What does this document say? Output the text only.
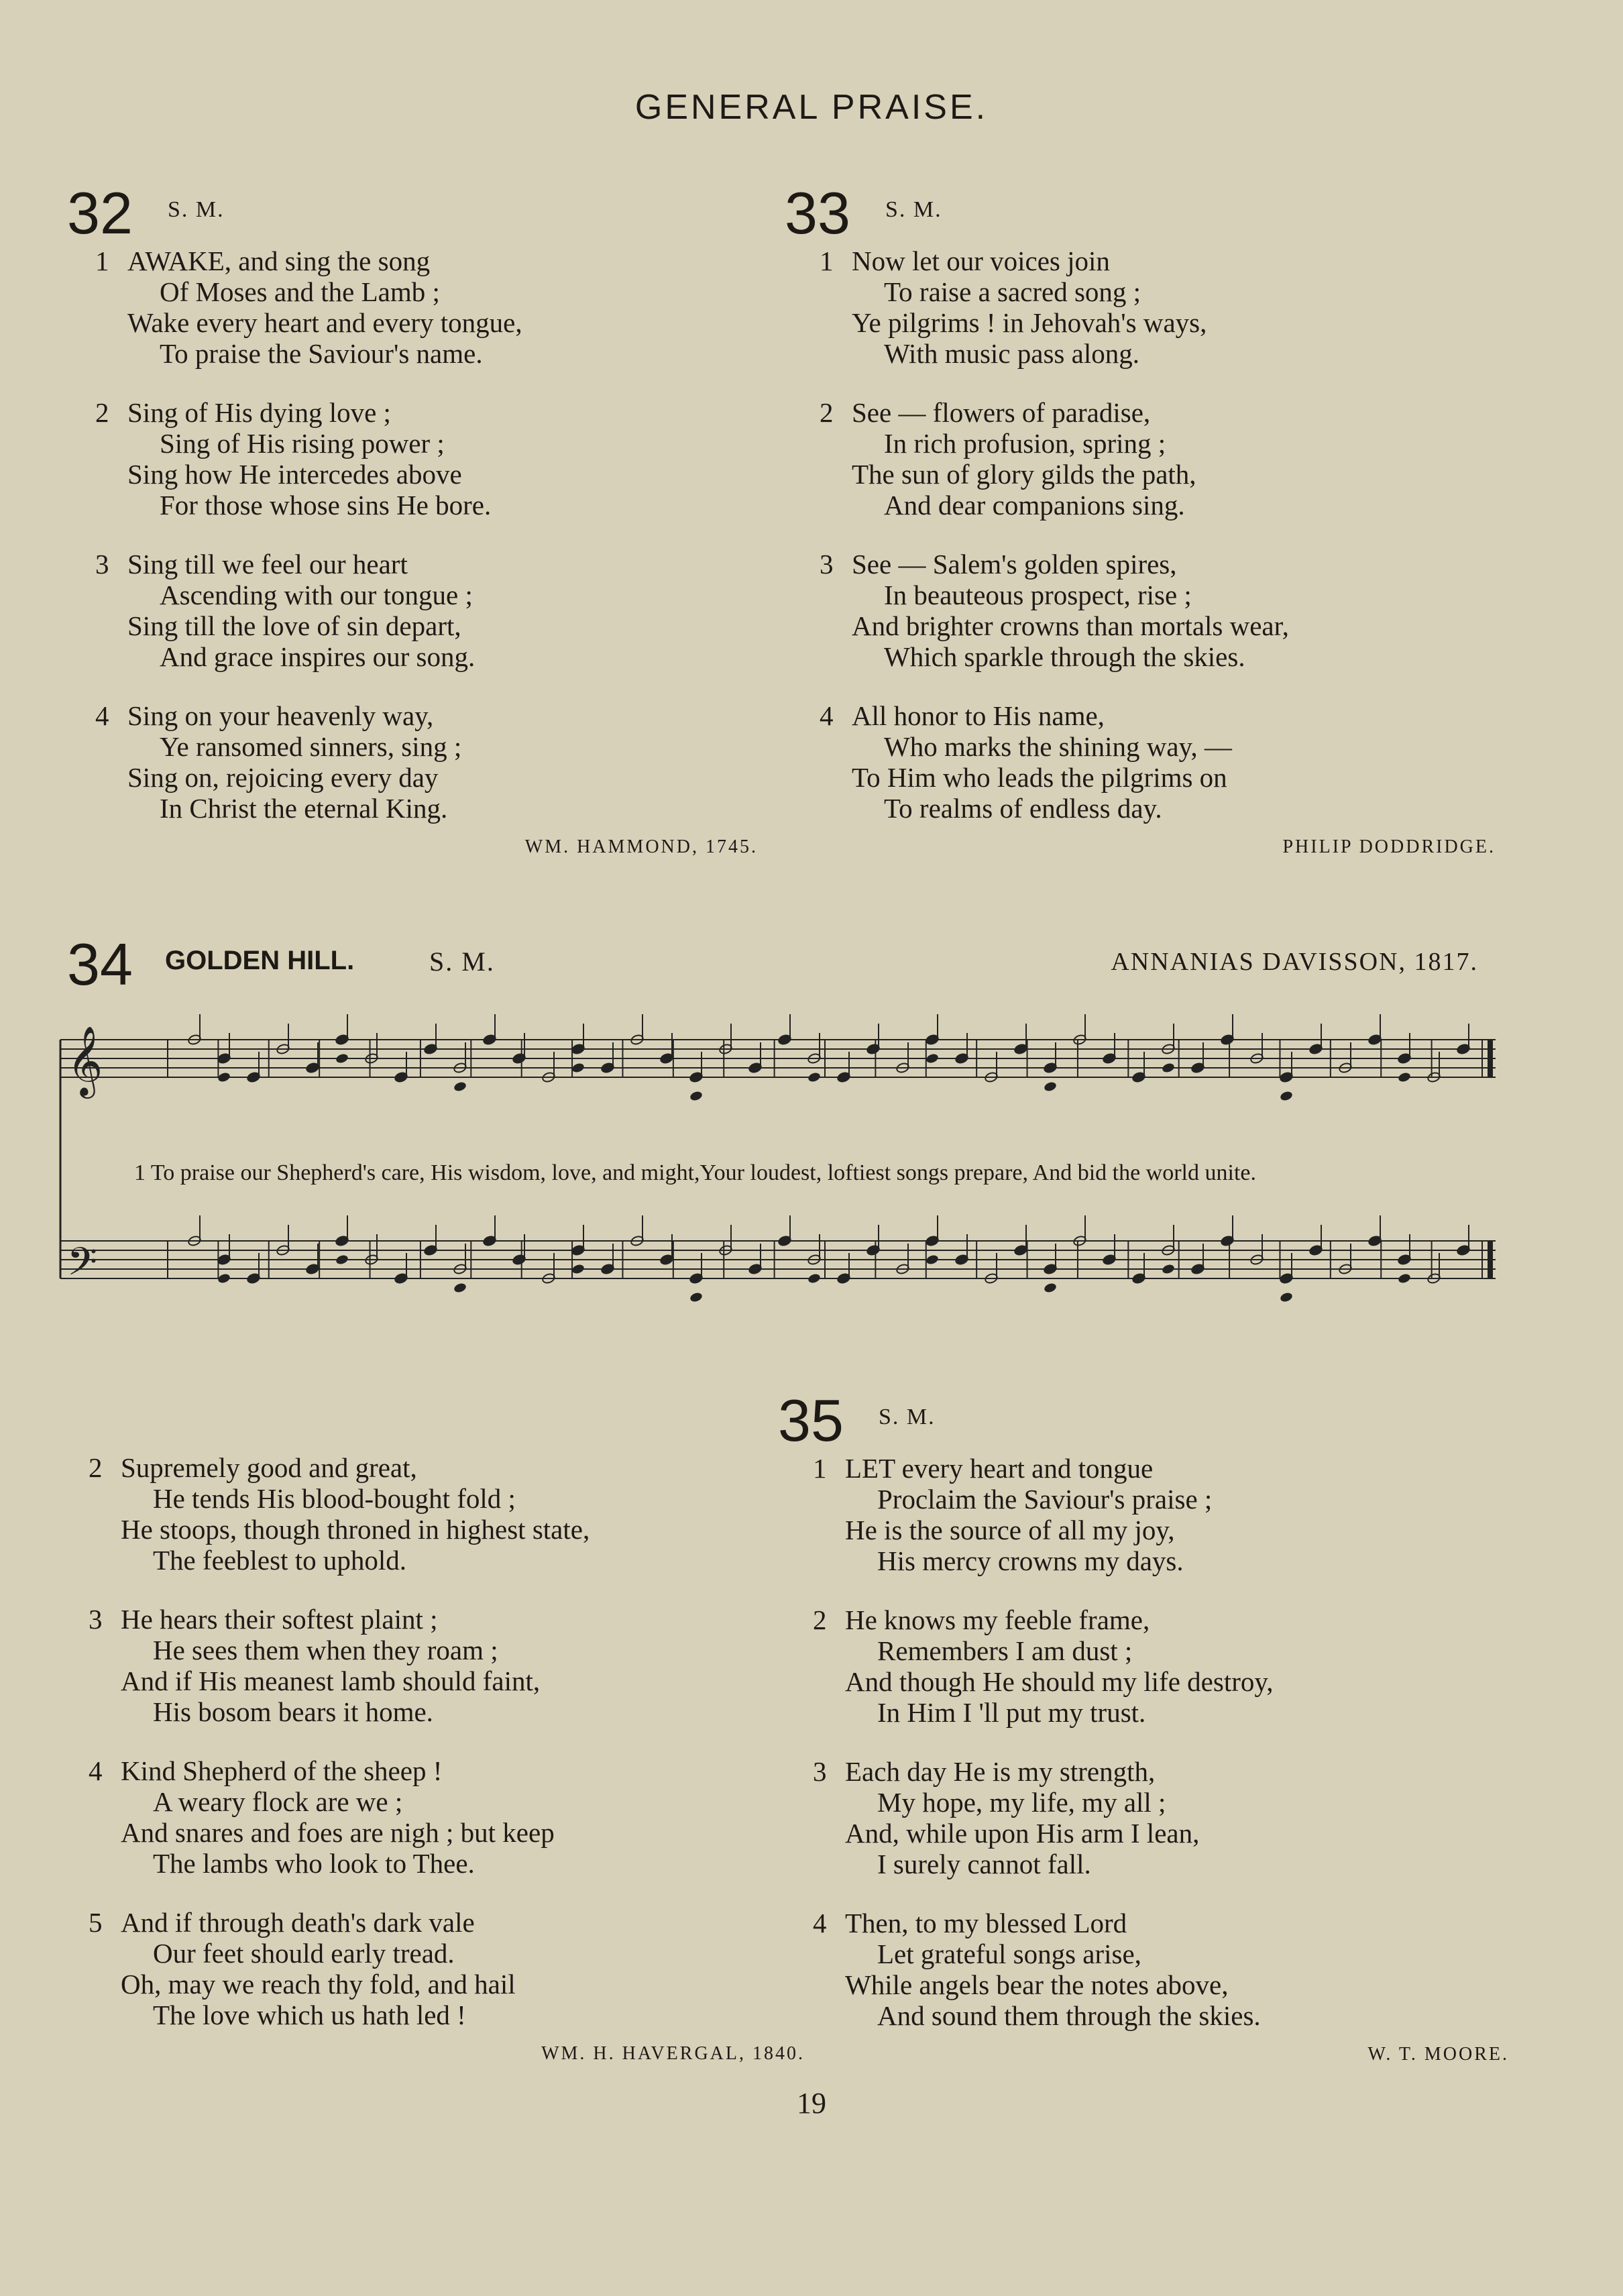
GENERAL PRAISE.
32 S. M.
1 AWAKE, and sing the song
Of Moses and the Lamb ;
Wake every heart and every tongue,
To praise the Saviour's name.
2 Sing of His dying love ;
Sing of His rising power ;
Sing how He intercedes above
For those whose sins He bore.
3 Sing till we feel our heart
Ascending with our tongue ;
Sing till the love of sin depart,
And grace inspires our song.
4 Sing on your heavenly way,
Ye ransomed sinners, sing ;
Sing on, rejoicing every day
In Christ the eternal King.
WM. HAMMOND, 1745.
33 S. M.
1 Now let our voices join
To raise a sacred song ;
Ye pilgrims ! in Jehovah's ways,
With music pass along.
2 See — flowers of paradise,
In rich profusion, spring ;
The sun of glory gilds the path,
And dear companions sing.
3 See — Salem's golden spires,
In beauteous prospect, rise ;
And brighter crowns than mortals wear,
Which sparkle through the skies.
4 All honor to His name,
Who marks the shining way, —
To Him who leads the pilgrims on
To realms of endless day.
PHILIP DODDRIDGE.
34 GOLDEN HILL.	S. M.	ANNANIAS DAVISSON, 1817.
𝄞
𝄢
1 To praise our Shepherd's care, His wisdom, love, and might,Your loudest, loftiest songs prepare, And bid the world unite.
2 Supremely good and great,
He tends His blood-bought fold ;
He stoops, though throned in highest state,
The feeblest to uphold.
3 He hears their softest plaint ;
He sees them when they roam ;
And if His meanest lamb should faint,
His bosom bears it home.
4 Kind Shepherd of the sheep !
A weary flock are we ;
And snares and foes are nigh ; but keep
The lambs who look to Thee.
5 And if through death's dark vale
Our feet should early tread.
Oh, may we reach thy fold, and hail
The love which us hath led !
WM. H. HAVERGAL, 1840.
35 S. M.
1 LET every heart and tongue
Proclaim the Saviour's praise ;
He is the source of all my joy,
His mercy crowns my days.
2 He knows my feeble frame,
Remembers I am dust ;
And though He should my life destroy,
In Him I 'll put my trust.
3 Each day He is my strength,
My hope, my life, my all ;
And, while upon His arm I lean,
I surely cannot fall.
4 Then, to my blessed Lord
Let grateful songs arise,
While angels bear the notes above,
And sound them through the skies.
W. T. MOORE.
19
